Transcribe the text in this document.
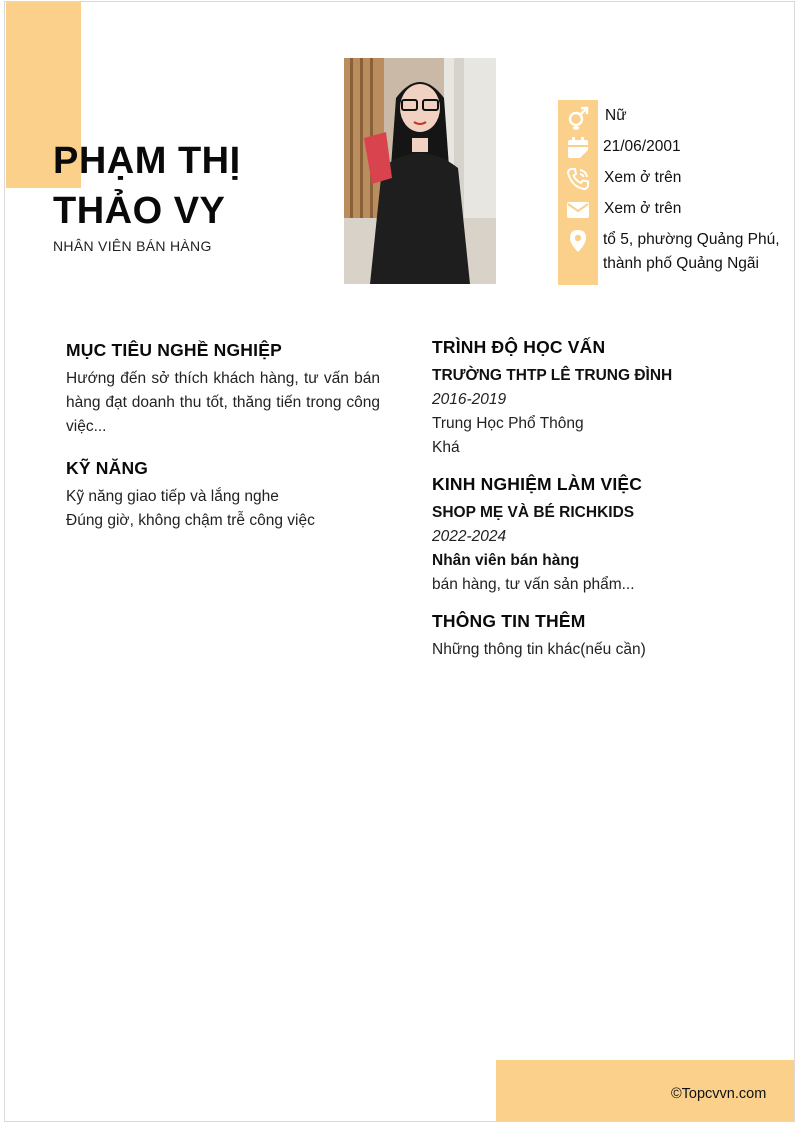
PHẠM THỊ
THẢO VY

NHÂN VIÊN BÁN HÀNG

Nữ

21/06/2001

Xem ở trên

Xem ở trên

tổ 5, phường Quảng Phú,
thành phố Quảng Ngãi

MỤC TIÊU NGHỀ NGHIỆP

Hướng đến sở thích khách hàng, tư vấn bán hàng đạt doanh thu tốt, thăng tiến trong công việc...

KỸ NĂNG

Kỹ năng giao tiếp và lắng nghe

Đúng giờ, không chậm trễ công việc

TRÌNH ĐỘ HỌC VẤN

TRƯỜNG THTP LÊ TRUNG ĐÌNH

2016-2019

Trung Học Phổ Thông

Khá

KINH NGHIỆM LÀM VIỆC

SHOP MẸ VÀ BÉ RICHKIDS

2022-2024

Nhân viên bán hàng

bán hàng, tư vấn sản phẩm...

THÔNG TIN THÊM

Những thông tin khác(nếu cần)

©Topcvvn.com
